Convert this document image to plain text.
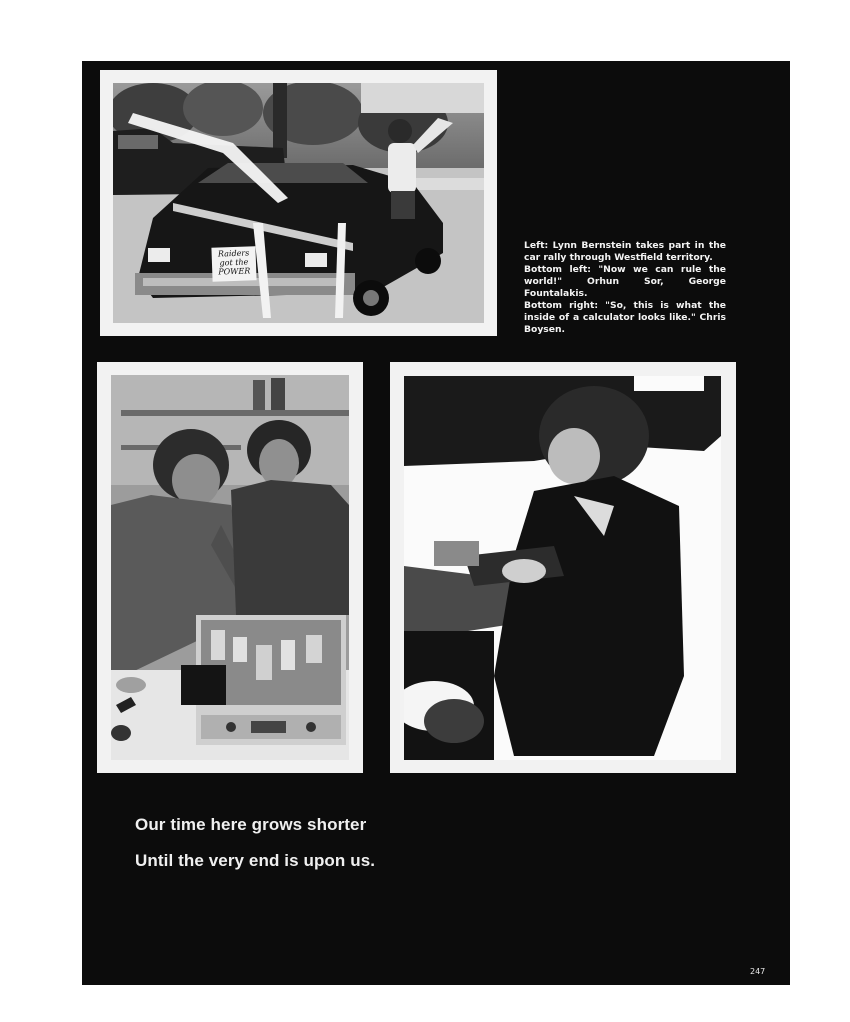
Raiders
got the
POWER

Left: Lynn Bernstein takes part in the car rally through Westfield territory.

Bottom left: "Now we can rule the world!" Orhun Sor, George Fountalakis.

Bottom right: "So, this is what the inside of a calculator looks like." Chris Boysen.

Our time here grows shorter
Until the very end is upon us.
247
